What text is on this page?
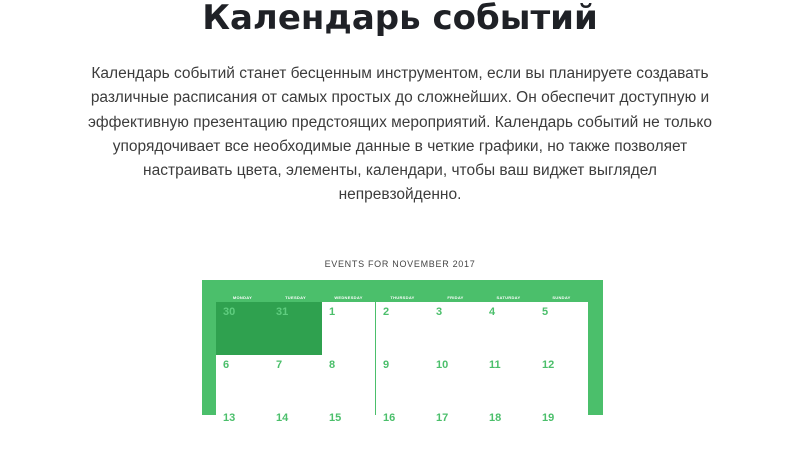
Календарь событий

Календарь событий станет бесценным инструментом, если вы планируете создавать различные расписания от самых простых до сложнейших. Он обеспечит доступную и эффективную презентацию предстоящих мероприятий. Календарь событий не только упорядочивает все необходимые данные в четкие графики, но также позволяет настраивать цвета, элементы, календари, чтобы ваш виджет выглядел непревзойденно.

EVENTS FOR NOVEMBER 2017
MONDAY	TUESDAY	WEDNESDAY	THURSDAY	FRIDAY	SATURDAY	SUNDAY
30	31	1	2	3	4	5
6	7	8	9	10	11	12
13	14	15	16	17	18	19
